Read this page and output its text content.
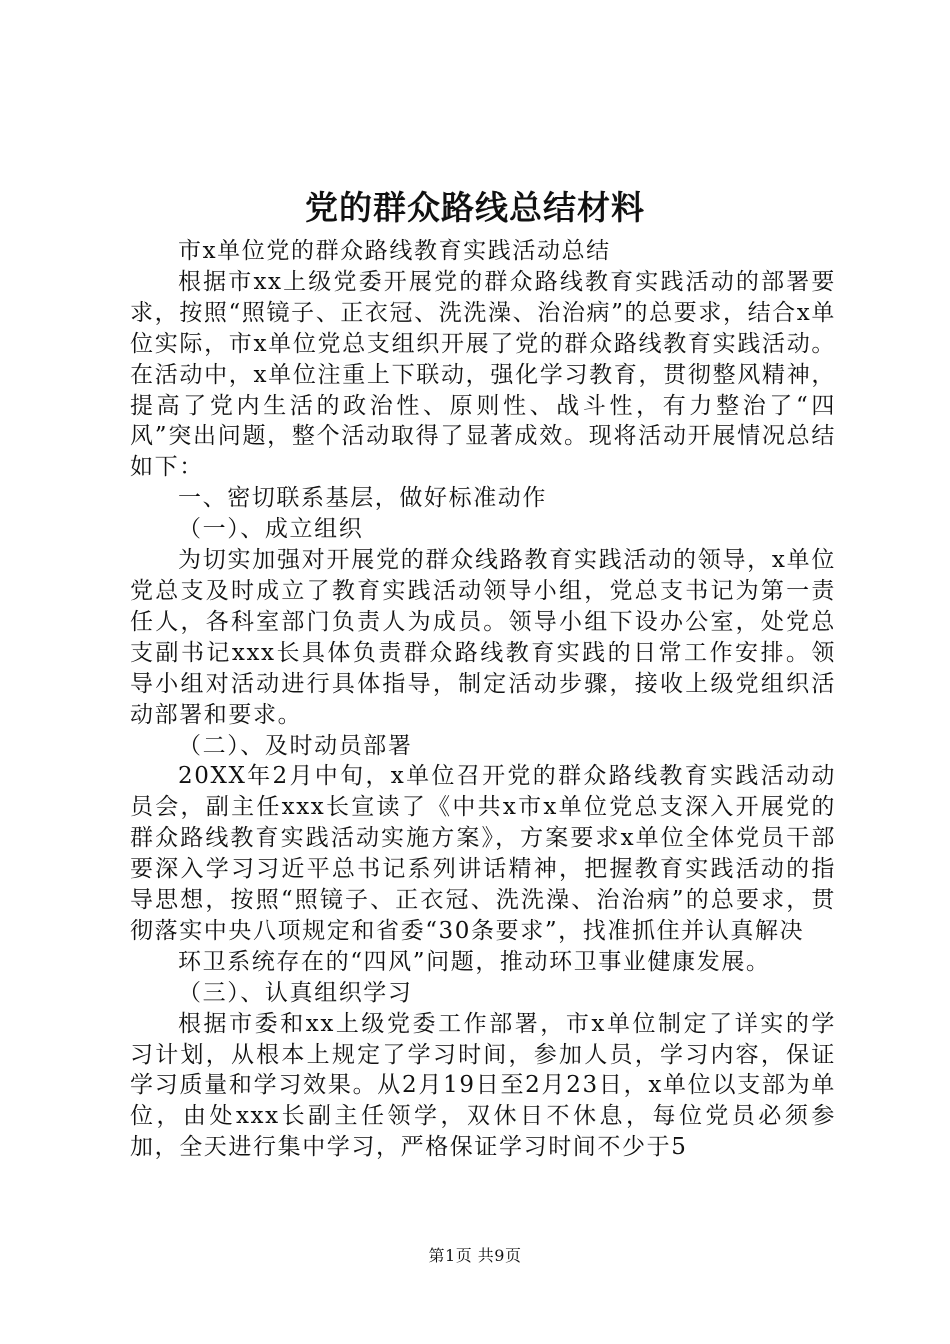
党的群众路线总结材料

市x单位党的群众路线教育实践活动总结

根据市xx上级党委开展党的群众路线教育实践活动的部署要求，按照“照镜子、正衣冠、洗洗澡、治治病”的总要求，结合x单位实际，市x单位党总支组织开展了党的群众路线教育实践活动。在活动中，x单位注重上下联动，强化学习教育，贯彻整风精神，提高了党内生活的政治性、原则性、战斗性，有力整治了“四风”突出问题，整个活动取得了显著成效。现将活动开展情况总结如下：

一、密切联系基层，做好标准动作

（一）、成立组织

为切实加强对开展党的群众线路教育实践活动的领导，x单位党总支及时成立了教育实践活动领导小组，党总支书记为第一责任人，各科室部门负责人为成员。领导小组下设办公室，处党总支副书记xxx长具体负责群众路线教育实践的日常工作安排。领导小组对活动进行具体指导，制定活动步骤，接收上级党组织活动部署和要求。

（二）、及时动员部署

20XX年2月中旬，x单位召开党的群众路线教育实践活动动员会，副主任xxx长宣读了《中共x市x单位党总支深入开展党的群众路线教育实践活动实施方案》，方案要求x单位全体党员干部要深入学习习近平总书记系列讲话精神，把握教育实践活动的指导思想，按照“照镜子、正衣冠、洗洗澡、治治病”的总要求，贯彻落实中央八项规定和省委“30条要求”，找准抓住并认真解决

环卫系统存在的“四风”问题，推动环卫事业健康发展。

（三）、认真组织学习

根据市委和xx上级党委工作部署，市x单位制定了详实的学习计划，从根本上规定了学习时间，参加人员，学习内容，保证学习质量和学习效果。从2月19日至2月23日，x单位以支部为单位，由处xxx长副主任领学，双休日不休息，每位党员必须参加，全天进行集中学习，严格保证学习时间不少于5

第1页 共9页
